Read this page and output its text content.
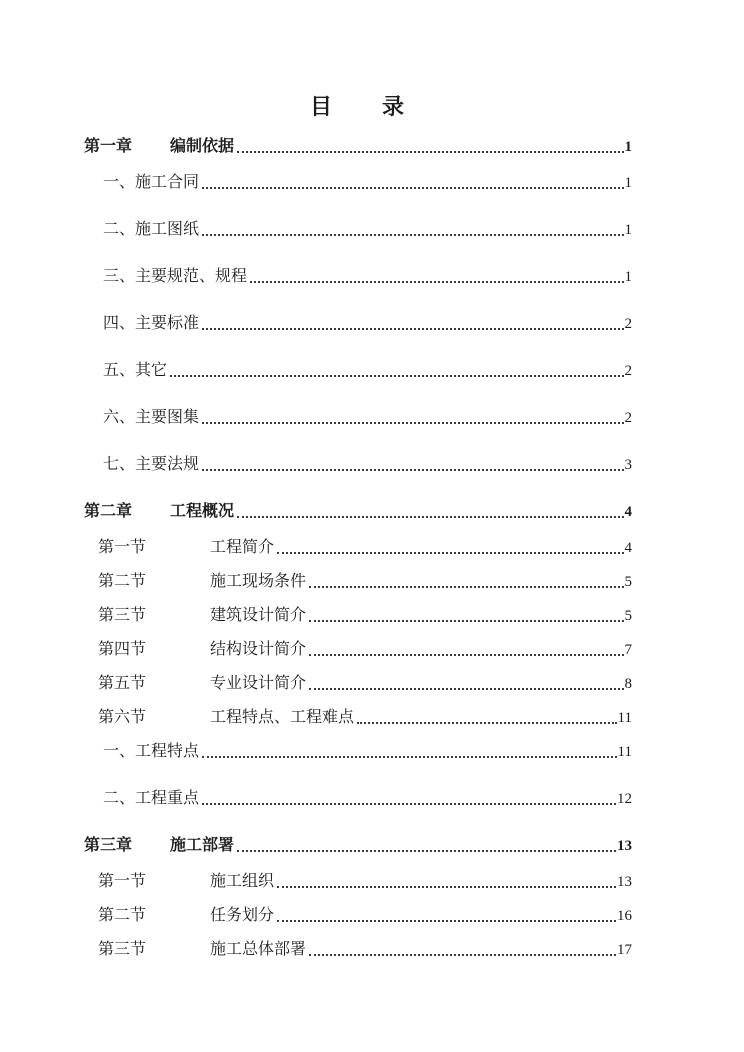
目　　录
第一章	编制依据	1
一、 施工合同	1
二、 施工图纸	1
三、 主要规范、规程	1
四、 主要标准	2
五、 其它	2
六、 主要图集	2
七、 主要法规	3
第二章	工程概况	4
第一节	工程简介	4
第二节	施工现场条件	5
第三节	建筑设计简介	5
第四节	结构设计简介	7
第五节	专业设计简介	8
第六节	工程特点、工程难点	11
一、 工程特点	11
二、 工程重点	12
第三章	施工部署	13
第一节	施工组织	13
第二节	任务划分	16
第三节	施工总体部署	17
